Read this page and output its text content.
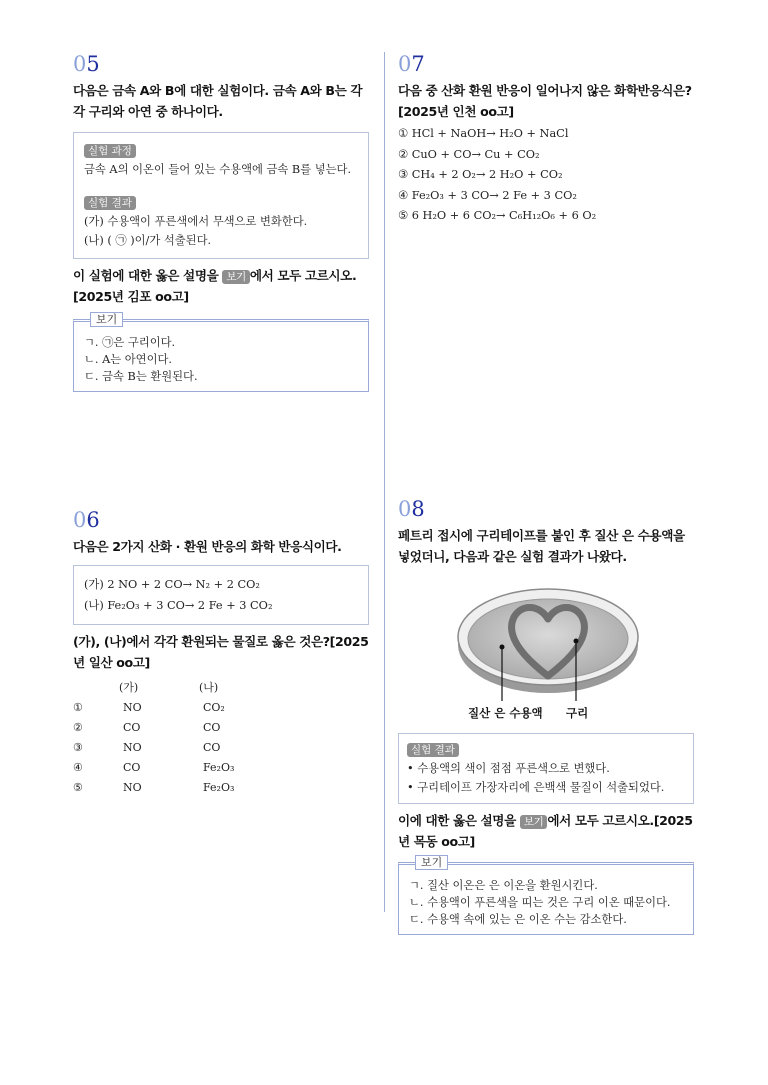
05
다음은 금속 A와 B에 대한 실험이다. 금속 A와 B는 각각 구리와 아연 중 하나이다.
실험 과정
금속 A의 이온이 들어 있는 수용액에 금속 B를 넣는다.
실험 결과
(가) 수용액이 푸른색에서 무색으로 변화한다.
(나) ( ㉠ )이/가 석출된다.
이 실험에 대한 옳은 설명을 보기 에서 모두 고르시오.[2025년 김포 oo고]
보기
ㄱ. ㉠은 구리이다.
ㄴ. A는 아연이다.
ㄷ. 금속 B는 환원된다.
06
다음은 2가지 산화 · 환원 반응의 화학 반응식이다.
(가) 2 NO + 2 CO→ N₂ + 2 CO₂
(나) Fe₂O₃ + 3 CO→ 2 Fe + 3 CO₂
(가), (나)에서 각각 환원되는 물질로 옳은 것은?[2025년 일산 oo고]
	(가)	(나)
①	NO	CO₂
②	CO	CO
③	NO	CO
④	CO	Fe₂O₃
⑤	NO	Fe₂O₃
07
다음 중 산화 환원 반응이 일어나지 않은 화학반응식은?[2025년 인천 oo고]
① HCl + NaOH→ H₂O + NaCl
② CuO + CO→ Cu + CO₂
③ CH₄ + 2 O₂→ 2 H₂O + CO₂
④ Fe₂O₃ + 3 CO→ 2 Fe + 3 CO₂
⑤ 6 H₂O + 6 CO₂→ C₆H₁₂O₆ + 6 O₂
08
페트리 접시에 구리테이프를 붙인 후 질산 은 수용액을 넣었더니, 다음과 같은 실험 결과가 나왔다.
질산 은 수용액 구리
실험 결과
• 수용액의 색이 점점 푸른색으로 변했다.
• 구리테이프 가장자리에 은백색 물질이 석출되었다.
이에 대한 옳은 설명을 보기 에서 모두 고르시오.[2025년 목동 oo고]
보기
ㄱ. 질산 이온은 은 이온을 환원시킨다.
ㄴ. 수용액이 푸른색을 띠는 것은 구리 이온 때문이다.
ㄷ. 수용액 속에 있는 은 이온 수는 감소한다.
